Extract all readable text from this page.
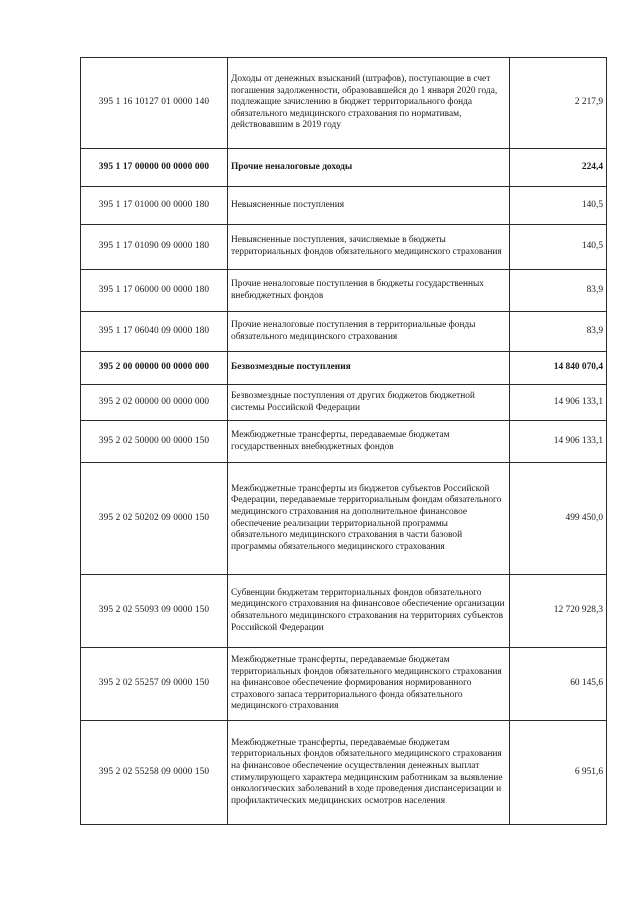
395 1 16 10127 01 0000 140	Доходы от денежных взысканий (штрафов), поступающие в счет погашения задолженности, образовавшейся до 1 января 2020 года, подлежащие зачислению в бюджет территориального фонда обязательного медицинского страхования по нормативам, действовавшим в 2019 году	2 217,9
395 1 17 00000 00 0000 000	Прочие неналоговые доходы	224,4
395 1 17 01000 00 0000 180	Невыясненные поступления	140,5
395 1 17 01090 09 0000 180	Невыясненные поступления, зачисляемые в бюджеты территориальных фондов обязательного медицинского страхования	140,5
395 1 17 06000 00 0000 180	Прочие неналоговые поступления в бюджеты государственных внебюджетных фондов	83,9
395 1 17 06040 09 0000 180	Прочие неналоговые поступления в территориальные фонды обязательного медицинского страхования	83,9
395 2 00 00000 00 0000 000	Безвозмездные поступления	14 840 070,4
395 2 02 00000 00 0000 000	Безвозмездные поступления от других бюджетов бюджетной системы Российской Федерации	14 906 133,1
395 2 02 50000 00 0000 150	Межбюджетные трансферты, передаваемые бюджетам государственных внебюджетных фондов	14 906 133,1
395 2 02 50202 09 0000 150	Межбюджетные трансферты из бюджетов субъектов Российской Федерации, передаваемые территориальным фондам обязательного медицинского страхования на дополнительное финансовое обеспечение реализации территориальной программы обязательного медицинского страхования в части базовой программы обязательного медицинского страхования	499 450,0
395 2 02 55093 09 0000 150	Субвенции бюджетам территориальных фондов обязательного медицинского страхования на финансовое обеспечение организации обязательного медицинского страхования на территориях субъектов Российской Федерации	12 720 928,3
395 2 02 55257 09 0000 150	Межбюджетные трансферты, передаваемые бюджетам территориальных фондов обязательного медицинского страхования на финансовое обеспечение формирования нормированного страхового запаса территориального фонда обязательного медицинского страхования	60 145,6
395 2 02 55258 09 0000 150	Межбюджетные трансферты, передаваемые бюджетам территориальных фондов обязательного медицинского страхования на финансовое обеспечение осуществления денежных выплат стимулирующего характера медицинским работникам за выявление онкологических заболеваний в ходе проведения диспансеризации и профилактических медицинских осмотров населения	6 951,6
